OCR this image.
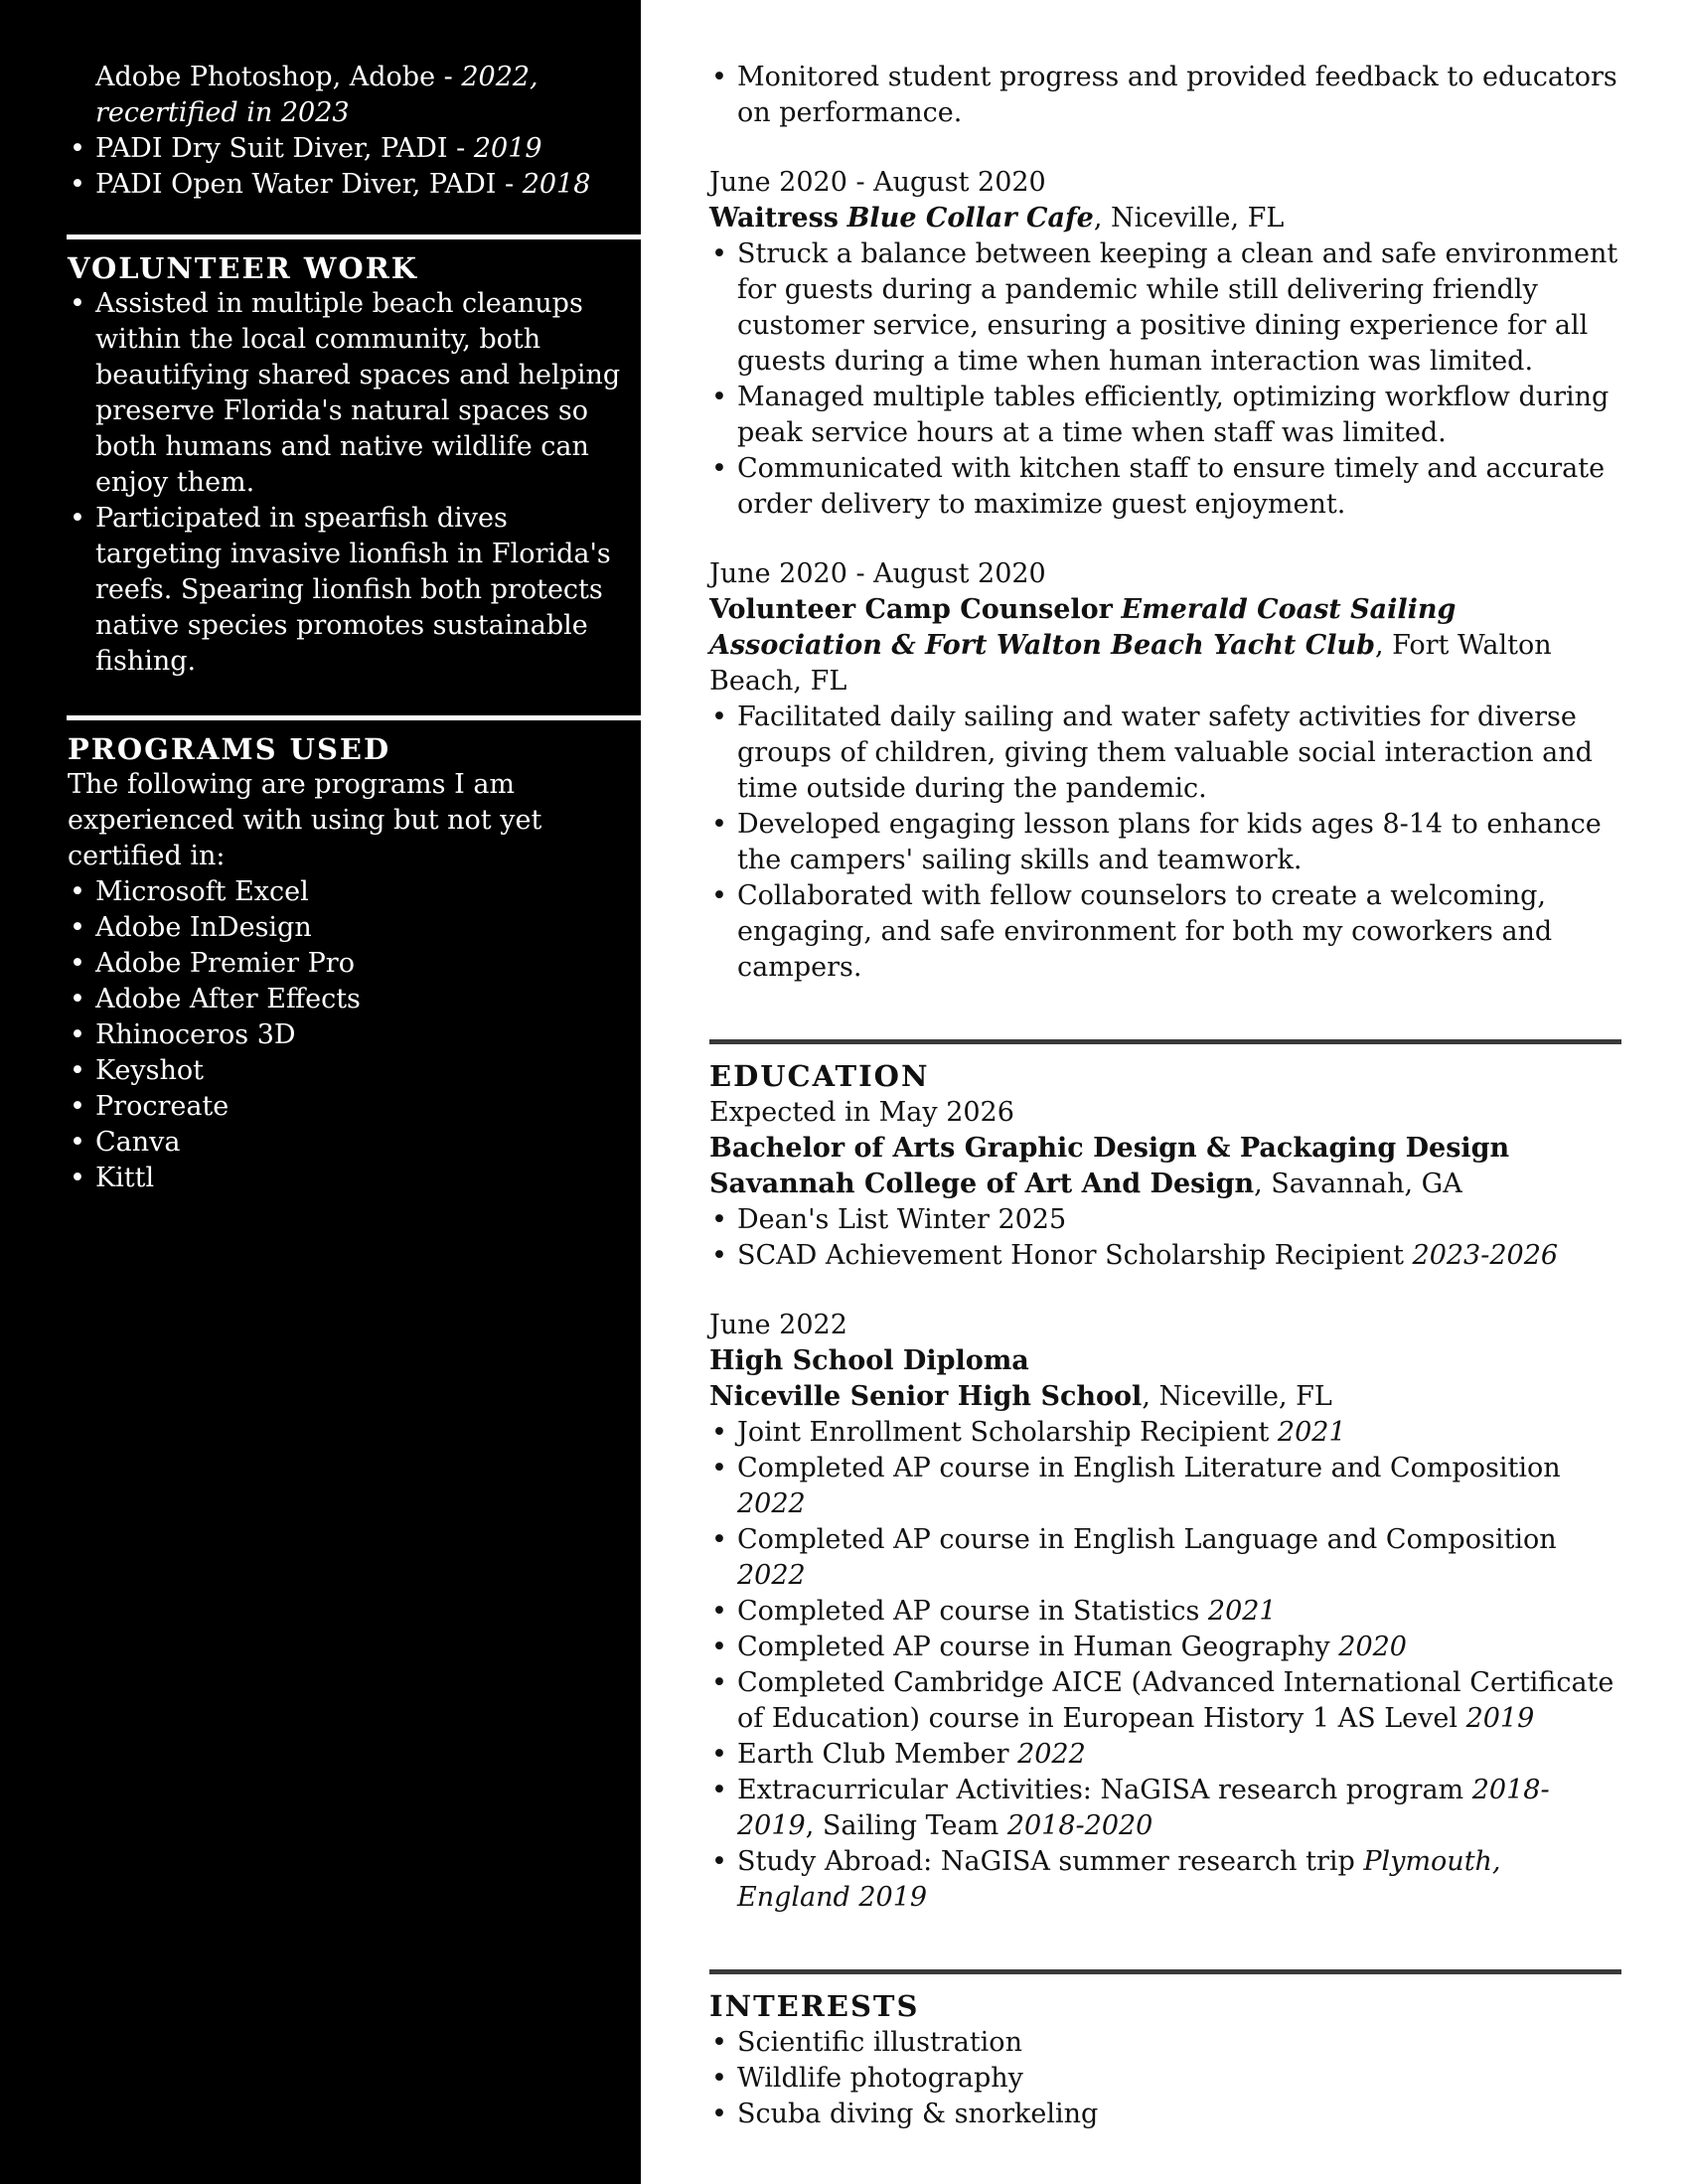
Adobe Photoshop, Adobe - 2022,
recertified in 2023
• PADI Dry Suit Diver, PADI - 2019
• PADI Open Water Diver, PADI - 2018
VOLUNTEER WORK
• Assisted in multiple beach cleanups within the local community, both beautifying shared spaces and helping preserve Florida's natural spaces so both humans and native wildlife can enjoy them.
• Participated in spearfish dives targeting invasive lionfish in Florida's reefs. Spearing lionfish both protects native species promotes sustainable fishing.
PROGRAMS USED

The following are programs I am experienced with using but not yet certified in:

• Microsoft Excel
• Adobe InDesign
• Adobe Premier Pro
• Adobe After Effects
• Rhinoceros 3D
• Keyshot
• Procreate
• Canva
• Kittl
• Monitored student progress and provided feedback to educators on performance.

June 2020 - August 2020

Waitress Blue Collar Cafe, Niceville, FL

• Struck a balance between keeping a clean and safe environment for guests during a pandemic while still delivering friendly customer service, ensuring a positive dining experience for all guests during a time when human interaction was limited.
• Managed multiple tables efficiently, optimizing workflow during peak service hours at a time when staff was limited.
• Communicated with kitchen staff to ensure timely and accurate order delivery to maximize guest enjoyment.

June 2020 - August 2020

Volunteer Camp Counselor Emerald Coast Sailing Association & Fort Walton Beach Yacht Club, Fort Walton Beach, FL

• Facilitated daily sailing and water safety activities for diverse groups of children, giving them valuable social interaction and time outside during the pandemic.
• Developed engaging lesson plans for kids ages 8-14 to enhance the campers' sailing skills and teamwork.
• Collaborated with fellow counselors to create a welcoming, engaging, and safe environment for both my coworkers and campers.
EDUCATION

Expected in May 2026

Bachelor of Arts Graphic Design & Packaging Design

Savannah College of Art And Design, Savannah, GA

• Dean's List Winter 2025
• SCAD Achievement Honor Scholarship Recipient 2023-2026

June 2022

High School Diploma

Niceville Senior High School, Niceville, FL

• Joint Enrollment Scholarship Recipient 2021
• Completed AP course in English Literature and Composition 2022
• Completed AP course in English Language and Composition 2022
• Completed AP course in Statistics 2021
• Completed AP course in Human Geography 2020
• Completed Cambridge AICE (Advanced International Certificate of Education) course in European History 1 AS Level 2019
• Earth Club Member 2022
• Extracurricular Activities: NaGISA research program 2018-2019, Sailing Team 2018-2020
• Study Abroad: NaGISA summer research trip Plymouth, England 2019
INTERESTS
• Scientific illustration
• Wildlife photography
• Scuba diving & snorkeling
